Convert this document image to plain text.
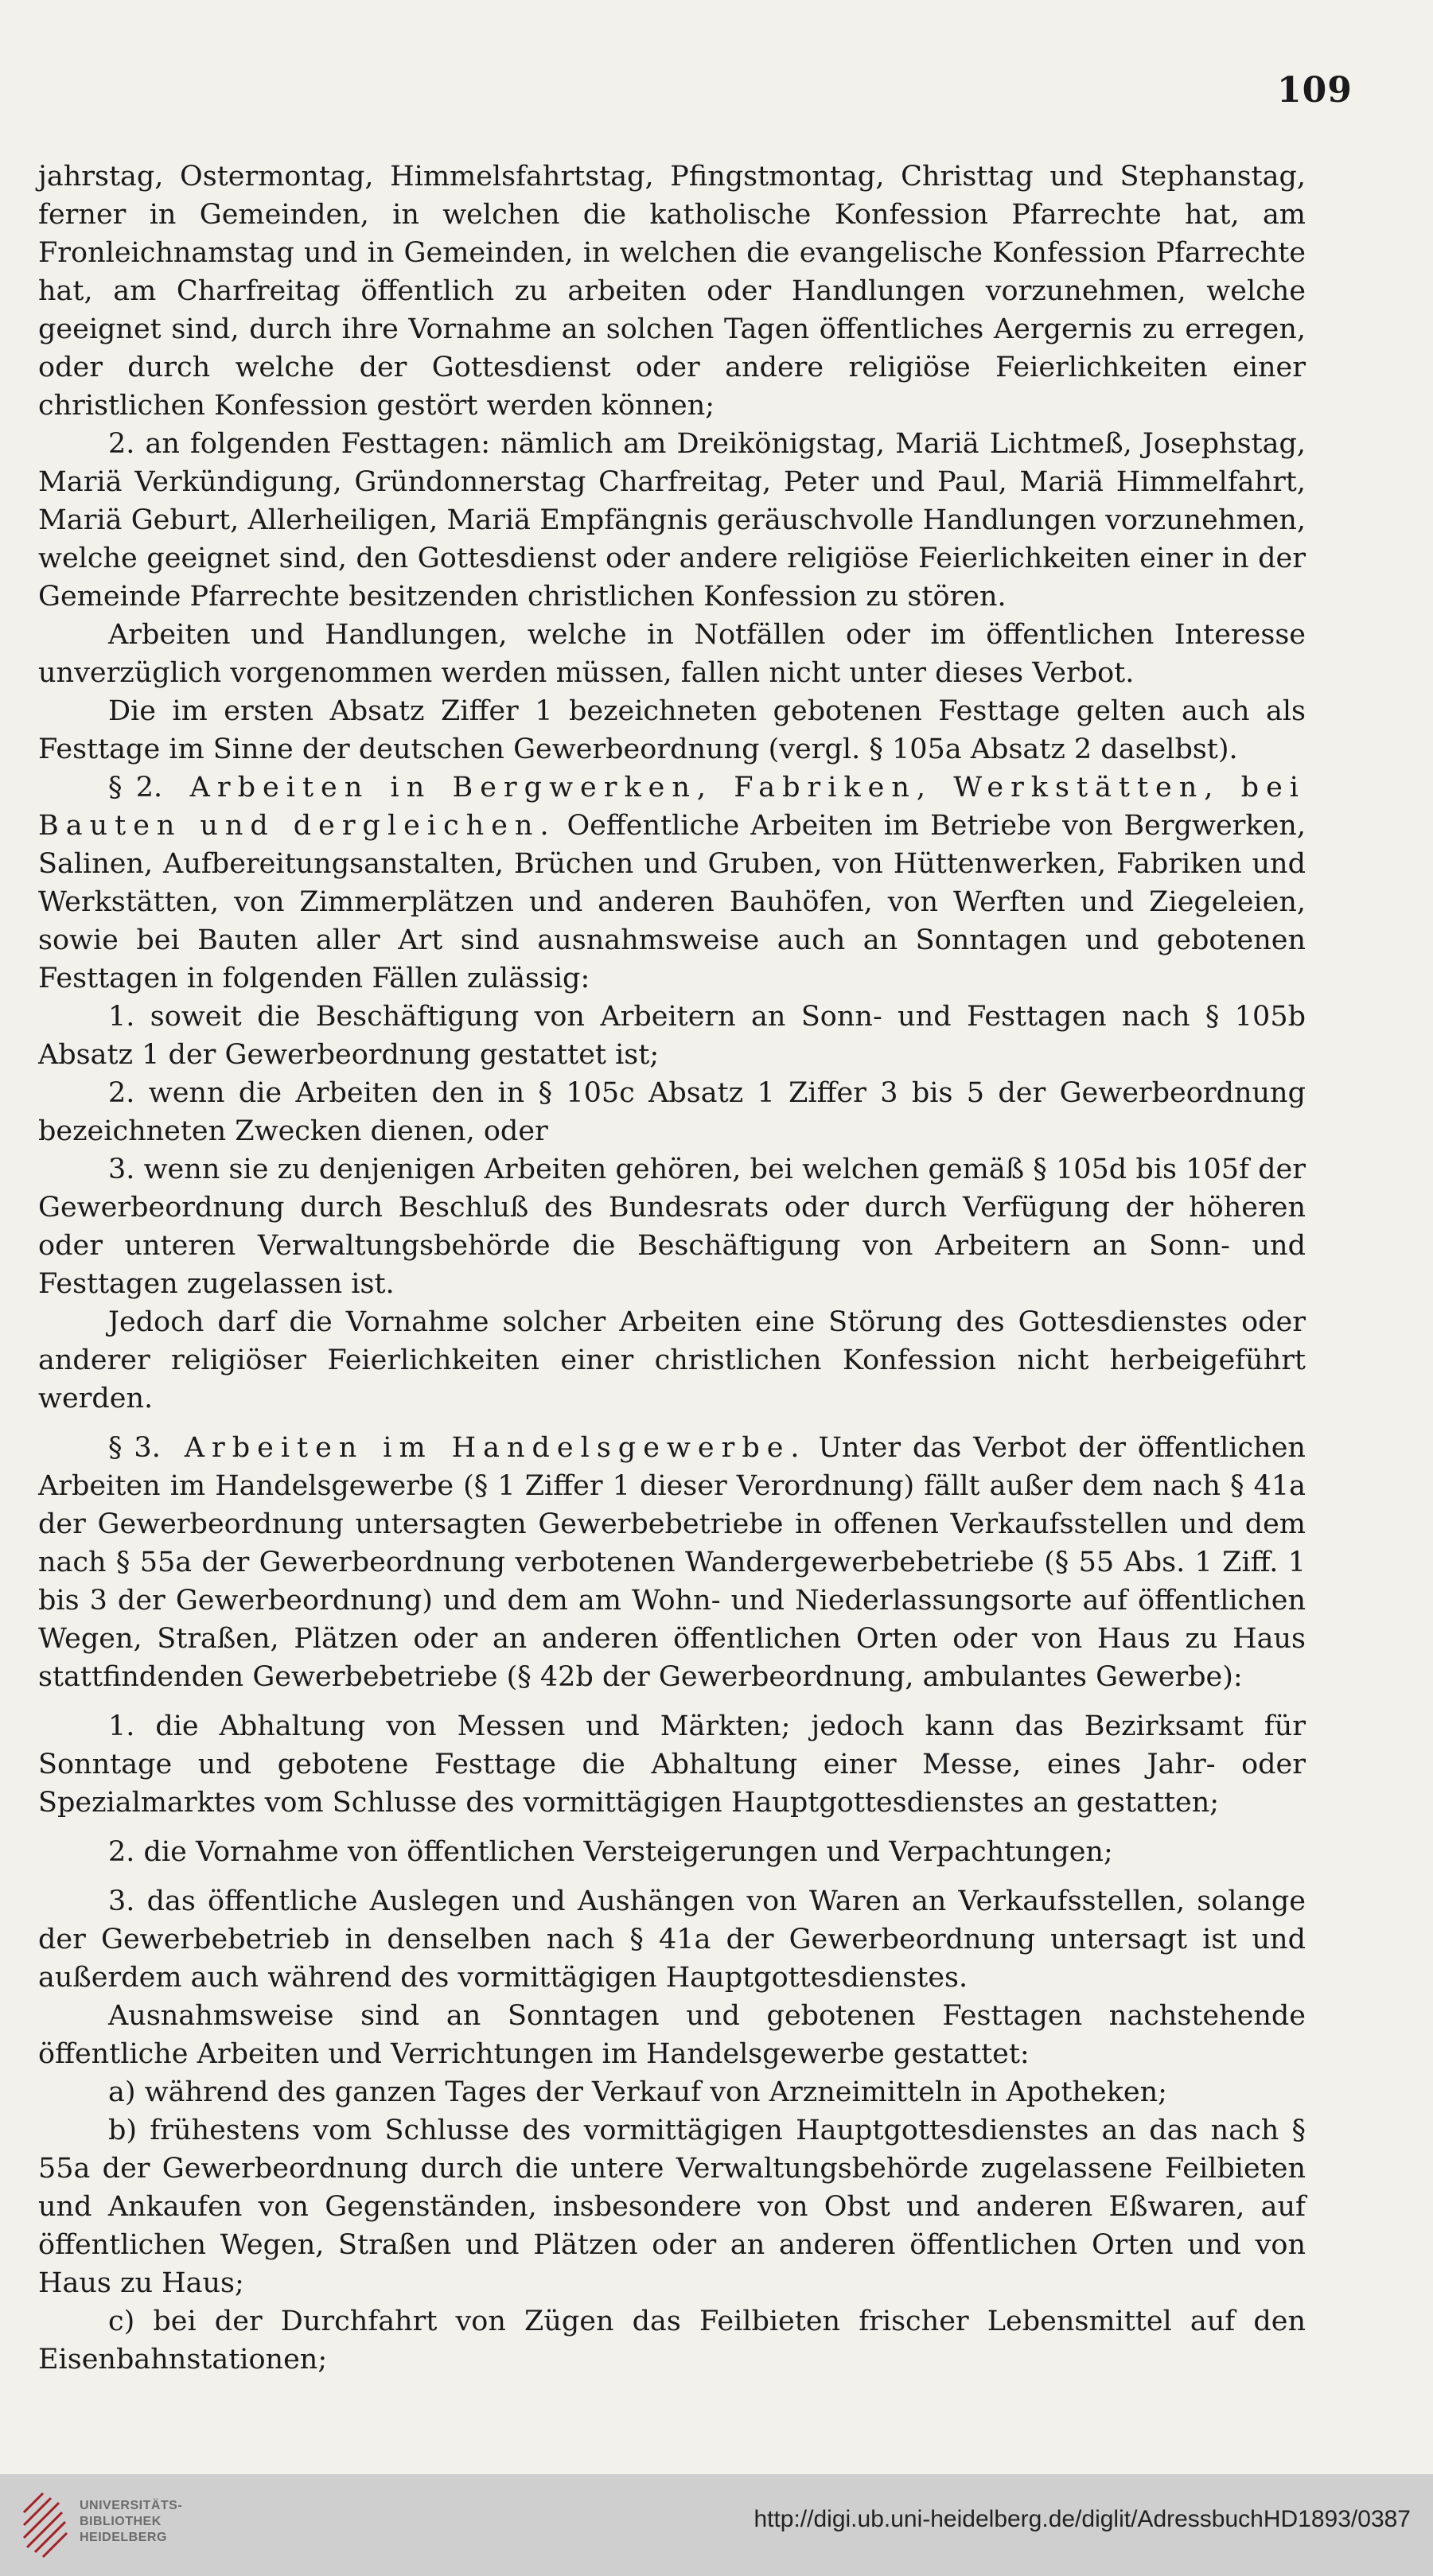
109

jahrstag, Ostermontag, Himmelsfahrtstag, Pfingstmontag, Christtag und Stephanstag, ferner in Gemeinden, in welchen die katholische Konfession Pfarrechte hat, am Fronleichnamstag und in Gemeinden, in welchen die evangelische Konfession Pfarrechte hat, am Charfreitag öffentlich zu arbeiten oder Handlungen vorzunehmen, welche geeignet sind, durch ihre Vornahme an solchen Tagen öffentliches Aergernis zu erregen, oder durch welche der Gottesdienst oder andere religiöse Feierlichkeiten einer christlichen Konfession gestört werden können;

2. an folgenden Festtagen: nämlich am Dreikönigstag, Mariä Lichtmeß, Josephstag, Mariä Verkündigung, Gründonnerstag Charfreitag, Peter und Paul, Mariä Himmelfahrt, Mariä Geburt, Allerheiligen, Mariä Empfängnis geräuschvolle Handlungen vorzunehmen, welche geeignet sind, den Gottesdienst oder andere religiöse Feierlichkeiten einer in der Gemeinde Pfarrechte besitzenden christlichen Konfession zu stören.

Arbeiten und Handlungen, welche in Notfällen oder im öffentlichen Interesse unverzüglich vorgenommen werden müssen, fallen nicht unter dieses Verbot.

Die im ersten Absatz Ziffer 1 bezeichneten gebotenen Festtage gelten auch als Festtage im Sinne der deutschen Gewerbeordnung (vergl. § 105a Absatz 2 daselbst).

§ 2. Arbeiten in Bergwerken, Fabriken, Werkstätten, bei Bauten und dergleichen. Oeffentliche Arbeiten im Betriebe von Bergwerken, Salinen, Aufbereitungsanstalten, Brüchen und Gruben, von Hüttenwerken, Fabriken und Werkstätten, von Zimmerplätzen und anderen Bauhöfen, von Werften und Ziegeleien, sowie bei Bauten aller Art sind ausnahmsweise auch an Sonntagen und gebotenen Festtagen in folgenden Fällen zulässig:

1. soweit die Beschäftigung von Arbeitern an Sonn- und Festtagen nach § 105b Absatz 1 der Gewerbeordnung gestattet ist;

2. wenn die Arbeiten den in § 105c Absatz 1 Ziffer 3 bis 5 der Gewerbeordnung bezeichneten Zwecken dienen, oder

3. wenn sie zu denjenigen Arbeiten gehören, bei welchen gemäß § 105d bis 105f der Gewerbeordnung durch Beschluß des Bundesrats oder durch Verfügung der höheren oder unteren Verwaltungsbehörde die Beschäftigung von Arbeitern an Sonn- und Festtagen zugelassen ist.

Jedoch darf die Vornahme solcher Arbeiten eine Störung des Gottesdienstes oder anderer religiöser Feierlichkeiten einer christlichen Konfession nicht herbeigeführt werden.

§ 3. Arbeiten im Handelsgewerbe. Unter das Verbot der öffentlichen Arbeiten im Handelsgewerbe (§ 1 Ziffer 1 dieser Verordnung) fällt außer dem nach § 41a der Gewerbeordnung untersagten Gewerbebetriebe in offenen Verkaufsstellen und dem nach § 55a der Gewerbeordnung verbotenen Wandergewerbebetriebe (§ 55 Abs. 1 Ziff. 1 bis 3 der Gewerbeordnung) und dem am Wohn- und Niederlassungsorte auf öffentlichen Wegen, Straßen, Plätzen oder an anderen öffentlichen Orten oder von Haus zu Haus stattfindenden Gewerbebetriebe (§ 42b der Gewerbeordnung, ambulantes Gewerbe):

1. die Abhaltung von Messen und Märkten; jedoch kann das Bezirksamt für Sonntage und gebotene Festtage die Abhaltung einer Messe, eines Jahr- oder Spezialmarktes vom Schlusse des vormittägigen Hauptgottesdienstes an gestatten;

2. die Vornahme von öffentlichen Versteigerungen und Verpachtungen;

3. das öffentliche Auslegen und Aushängen von Waren an Verkaufsstellen, solange der Gewerbebetrieb in denselben nach § 41a der Gewerbeordnung untersagt ist und außerdem auch während des vormittägigen Hauptgottesdienstes.

Ausnahmsweise sind an Sonntagen und gebotenen Festtagen nachstehende öffentliche Arbeiten und Verrichtungen im Handelsgewerbe gestattet:

a) während des ganzen Tages der Verkauf von Arzneimitteln in Apotheken;

b) frühestens vom Schlusse des vormittägigen Hauptgottesdienstes an das nach § 55a der Gewerbeordnung durch die untere Verwaltungsbehörde zugelassene Feilbieten und Ankaufen von Gegenständen, insbesondere von Obst und anderen Eßwaren, auf öffentlichen Wegen, Straßen und Plätzen oder an anderen öffentlichen Orten und von Haus zu Haus;

c) bei der Durchfahrt von Zügen das Feilbieten frischer Lebensmittel auf den Eisenbahnstationen;

UNIVERSITÄTS-
BIBLIOTHEK
HEIDELBERG
http://digi.ub.uni-heidelberg.de/diglit/AdressbuchHD1893/0387
